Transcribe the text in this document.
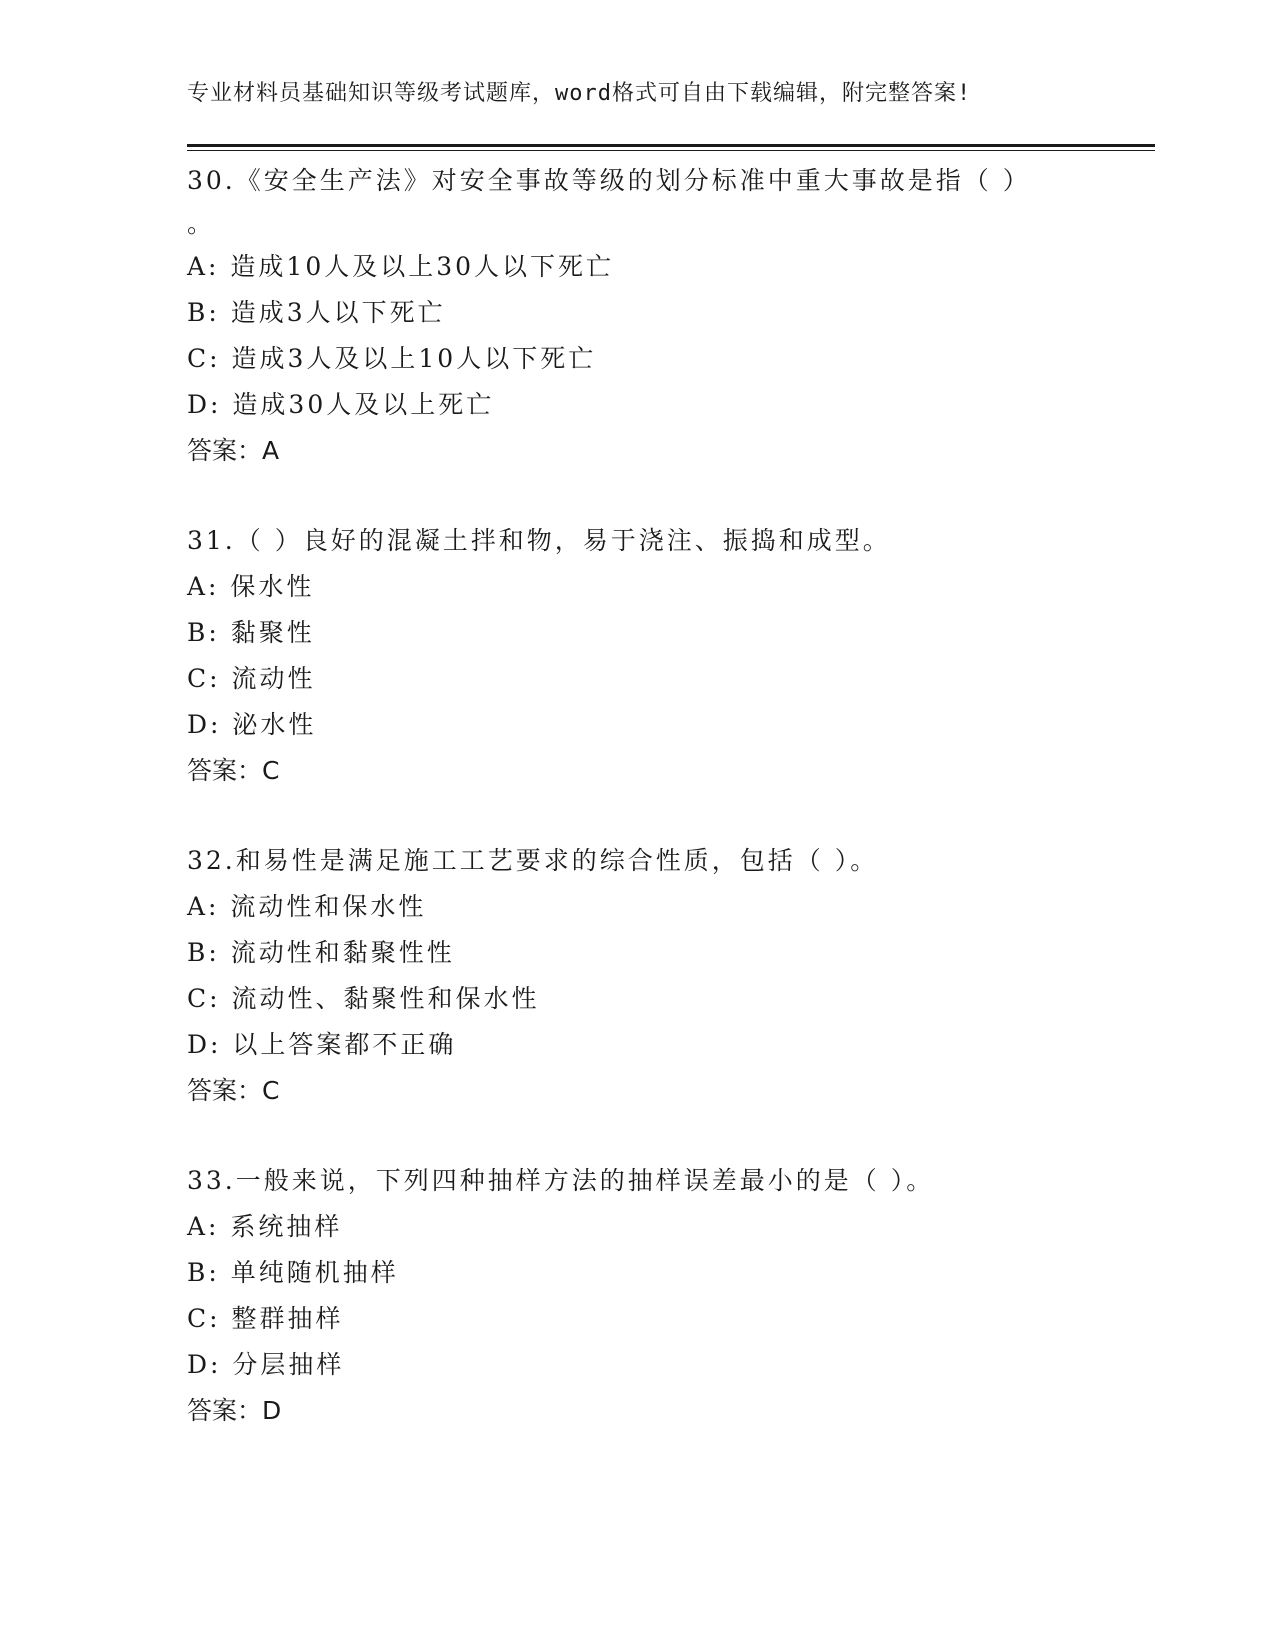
专业材料员基础知识等级考试题库，word格式可自由下载编辑，附完整答案!

30.《安全生产法》对安全事故等级的划分标准中重大事故是指（ ）

。

A: 造成10人及以上30人以下死亡

B: 造成3人以下死亡

C: 造成3人及以上10人以下死亡

D: 造成30人及以上死亡

答案：A

31.（ ）良好的混凝土拌和物，易于浇注、振捣和成型。

A: 保水性

B: 黏聚性

C: 流动性

D: 泌水性

答案：C

32.和易性是满足施工工艺要求的综合性质，包括（ ）。

A: 流动性和保水性

B: 流动性和黏聚性性

C: 流动性、黏聚性和保水性

D: 以上答案都不正确

答案：C

33.一般来说，下列四种抽样方法的抽样误差最小的是（ ）。

A: 系统抽样

B: 单纯随机抽样

C: 整群抽样

D: 分层抽样

答案：D
